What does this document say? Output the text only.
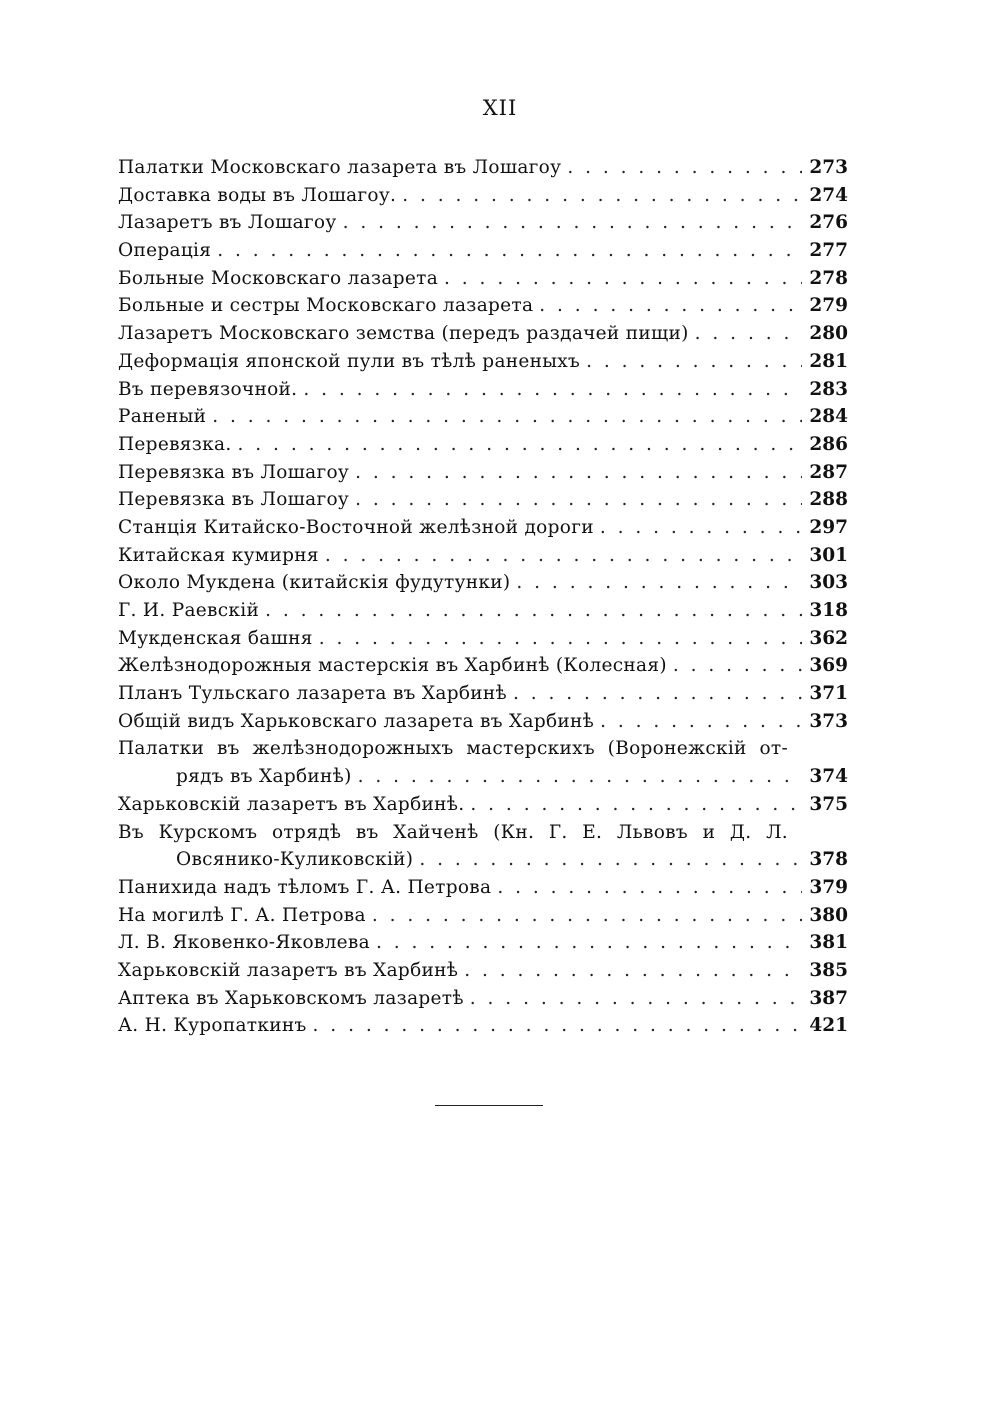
XII
Палатки Московскаго лазарета въ Лошагоу . . .	273
Доставка воды въ Лошагоу. . . .	274
Лазаретъ въ Лошагоу . . .	276
Операція . . .	277
Больные Московскаго лазарета . . .	278
Больные и сестры Московскаго лазарета . . .	279
Лазаретъ Московскаго земства (передъ раздачей пищи) . . .	280
Деформація японской пули въ тѣлѣ раненыхъ . . .	281
Въ перевязочной. . . .	283
Раненый . . .	284
Перевязка. . . .	286
Перевязка въ Лошагоу . . .	287
Перевязка въ Лошагоу . . .	288
Станція Китайско-Восточной желѣзной дороги . . .	297
Китайская кумирня . . .	301
Около Мукдена (китайскія фудутунки) . . .	303
Г. И. Раевскій . . .	318
Мукденская башня . . .	362
Желѣзнодорожныя мастерскія въ Харбинѣ (Колесная) . . .	369
Планъ Тульскаго лазарета въ Харбинѣ . . .	371
Общій видъ Харьковскаго лазарета въ Харбинѣ . . .	373
Палатки въ желѣзнодорожныхъ мастерскихъ (Воронежскій от-
рядъ въ Харбинѣ) . . .	374
Харьковскій лазаретъ въ Харбинѣ. . . .	375
Въ Курскомъ отрядѣ въ Хайченѣ (Кн. Г. Е. Львовъ и Д. Л.
Овсянико-Куликовскій) . . .	378
Панихида надъ тѣломъ Г. А. Петрова . . .	379
На могилѣ Г. А. Петрова . . .	380
Л. В. Яковенко-Яковлева . . .	381
Харьковскій лазаретъ въ Харбинѣ . . .	385
Аптека въ Харьковскомъ лазаретѣ . . .	387
А. Н. Куропаткинъ . . .	421
